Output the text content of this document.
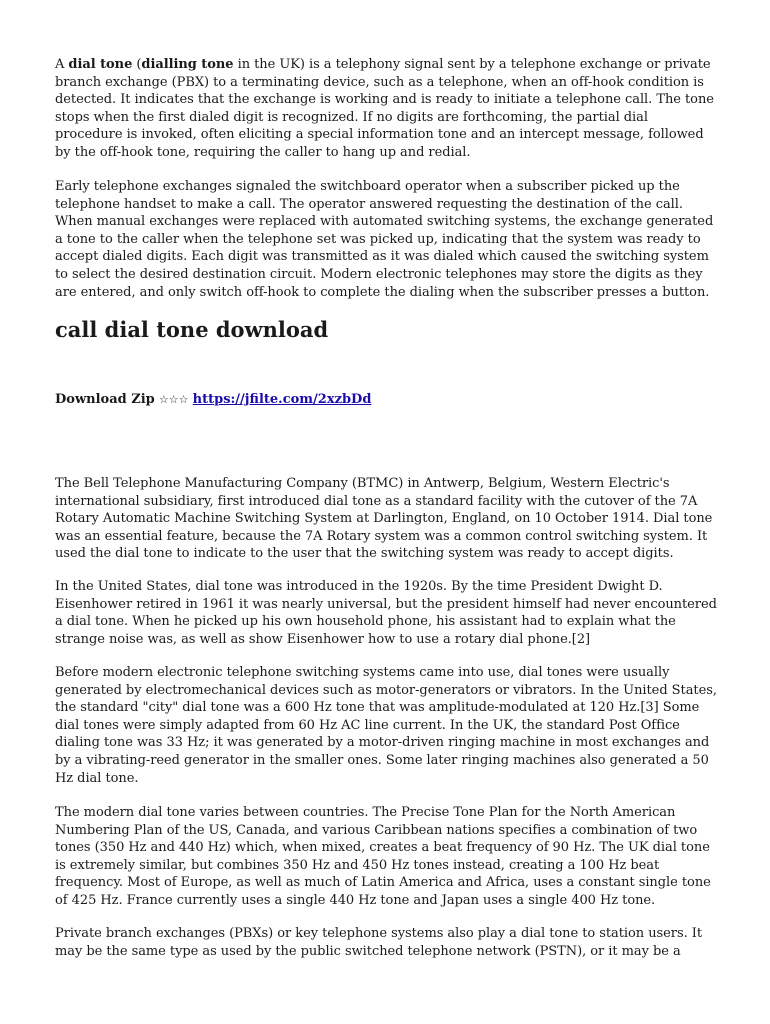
A dial tone (dialling tone in the UK) is a telephony signal sent by a telephone exchange or private branch exchange (PBX) to a terminating device, such as a telephone, when an off-hook condition is detected. It indicates that the exchange is working and is ready to initiate a telephone call. The tone stops when the first dialed digit is recognized. If no digits are forthcoming, the partial dial procedure is invoked, often eliciting a special information tone and an intercept message, followed by the off-hook tone, requiring the caller to hang up and redial.

Early telephone exchanges signaled the switchboard operator when a subscriber picked up the telephone handset to make a call. The operator answered requesting the destination of the call. When manual exchanges were replaced with automated switching systems, the exchange generated a tone to the caller when the telephone set was picked up, indicating that the system was ready to accept dialed digits. Each digit was transmitted as it was dialed which caused the switching system to select the desired destination circuit. Modern electronic telephones may store the digits as they are entered, and only switch off-hook to complete the dialing when the subscriber presses a button.

call dial tone download

Download Zip ☆☆☆ https://jfilte.com/2xzbDd

The Bell Telephone Manufacturing Company (BTMC) in Antwerp, Belgium, Western Electric's international subsidiary, first introduced dial tone as a standard facility with the cutover of the 7A Rotary Automatic Machine Switching System at Darlington, England, on 10 October 1914. Dial tone was an essential feature, because the 7A Rotary system was a common control switching system. It used the dial tone to indicate to the user that the switching system was ready to accept digits.

In the United States, dial tone was introduced in the 1920s. By the time President Dwight D. Eisenhower retired in 1961 it was nearly universal, but the president himself had never encountered a dial tone. When he picked up his own household phone, his assistant had to explain what the strange noise was, as well as show Eisenhower how to use a rotary dial phone.[2]

Before modern electronic telephone switching systems came into use, dial tones were usually generated by electromechanical devices such as motor-generators or vibrators. In the United States, the standard "city" dial tone was a 600 Hz tone that was amplitude-modulated at 120 Hz.[3] Some dial tones were simply adapted from 60 Hz AC line current. In the UK, the standard Post Office dialing tone was 33 Hz; it was generated by a motor-driven ringing machine in most exchanges and by a vibrating-reed generator in the smaller ones. Some later ringing machines also generated a 50 Hz dial tone.

The modern dial tone varies between countries. The Precise Tone Plan for the North American Numbering Plan of the US, Canada, and various Caribbean nations specifies a combination of two tones (350 Hz and 440 Hz) which, when mixed, creates a beat frequency of 90 Hz. The UK dial tone is extremely similar, but combines 350 Hz and 450 Hz tones instead, creating a 100 Hz beat frequency. Most of Europe, as well as much of Latin America and Africa, uses a constant single tone of 425 Hz. France currently uses a single 440 Hz tone and Japan uses a single 400 Hz tone.

Private branch exchanges (PBXs) or key telephone systems also play a dial tone to station users. It may be the same type as used by the public switched telephone network (PSTN), or it may be a
